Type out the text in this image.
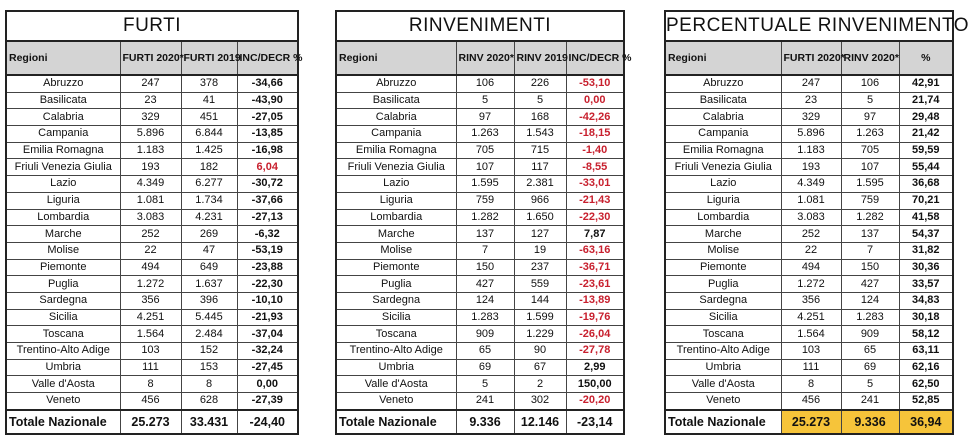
FURTI			
Regioni	FURTI 2020*	FURTI 2019	INC/DECR %
Abruzzo	247	378	-34,66
Basilicata	23	41	-43,90
Calabria	329	451	-27,05
Campania	5.896	6.844	-13,85
Emilia Romagna	1.183	1.425	-16,98
Friuli Venezia Giulia	193	182	6,04
Lazio	4.349	6.277	-30,72
Liguria	1.081	1.734	-37,66
Lombardia	3.083	4.231	-27,13
Marche	252	269	-6,32
Molise	22	47	-53,19
Piemonte	494	649	-23,88
Puglia	1.272	1.637	-22,30
Sardegna	356	396	-10,10
Sicilia	4.251	5.445	-21,93
Toscana	1.564	2.484	-37,04
Trentino-Alto Adige	103	152	-32,24
Umbria	111	153	-27,45
Valle d'Aosta	8	8	0,00
Veneto	456	628	-27,39
Totale Nazionale	25.273	33.431	-24,40
RINVENIMENTI			
Regioni	RINV 2020*	RINV 2019	INC/DECR %
Abruzzo	106	226	-53,10
Basilicata	5	5	0,00
Calabria	97	168	-42,26
Campania	1.263	1.543	-18,15
Emilia Romagna	705	715	-1,40
Friuli Venezia Giulia	107	117	-8,55
Lazio	1.595	2.381	-33,01
Liguria	759	966	-21,43
Lombardia	1.282	1.650	-22,30
Marche	137	127	7,87
Molise	7	19	-63,16
Piemonte	150	237	-36,71
Puglia	427	559	-23,61
Sardegna	124	144	-13,89
Sicilia	1.283	1.599	-19,76
Toscana	909	1.229	-26,04
Trentino-Alto Adige	65	90	-27,78
Umbria	69	67	2,99
Valle d'Aosta	5	2	150,00
Veneto	241	302	-20,20
Totale Nazionale	9.336	12.146	-23,14
PERCENTUALE RINVENIMENTO			
Regioni	FURTI 2020*	RINV 2020*	%
Abruzzo	247	106	42,91
Basilicata	23	5	21,74
Calabria	329	97	29,48
Campania	5.896	1.263	21,42
Emilia Romagna	1.183	705	59,59
Friuli Venezia Giulia	193	107	55,44
Lazio	4.349	1.595	36,68
Liguria	1.081	759	70,21
Lombardia	3.083	1.282	41,58
Marche	252	137	54,37
Molise	22	7	31,82
Piemonte	494	150	30,36
Puglia	1.272	427	33,57
Sardegna	356	124	34,83
Sicilia	4.251	1.283	30,18
Toscana	1.564	909	58,12
Trentino-Alto Adige	103	65	63,11
Umbria	111	69	62,16
Valle d'Aosta	8	5	62,50
Veneto	456	241	52,85
Totale Nazionale	25.273	9.336	36,94
